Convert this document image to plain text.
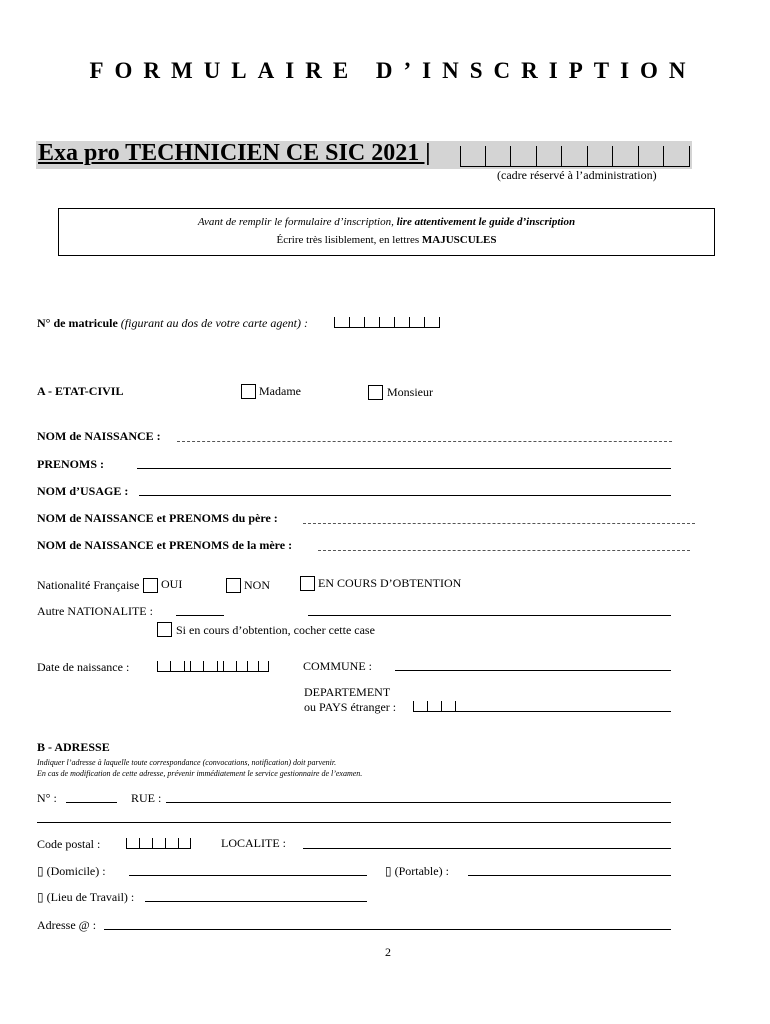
FORMULAIRE D’INSCRIPTION
Exa pro TECHNICIEN CE SIC 2021 |
(cadre réservé à l’administration)
Avant de remplir le formulaire d’inscription, lire attentivement le guide d’inscription
Écrire très lisiblement, en lettres MAJUSCULES
N° de matricule (figurant au dos de votre carte agent) :
A - ETAT-CIVIL	Madame	Monsieur
NOM de NAISSANCE :
PRENOMS :
NOM d’USAGE :
NOM de NAISSANCE et PRENOMS du père :
NOM de NAISSANCE et PRENOMS de la mère :
Nationalité Française OUI	NON	EN COURS D’OBTENTION
Autre NATIONALITE :
Si en cours d’obtention, cocher cette case
Date de naissance :	COMMUNE :
DEPARTEMENT
ou PAYS étranger :
B - ADRESSE
Indiquer l’adresse à laquelle toute correspondance (convocations, notification) doit parvenir.
En cas de modification de cette adresse, prévenir immédiatement le service gestionnaire de l’examen.
N° :	RUE :
Code postal :	LOCALITE :
▯ (Domicile) :	▯ (Portable) :
▯ (Lieu de Travail) :
Adresse @ :
2
